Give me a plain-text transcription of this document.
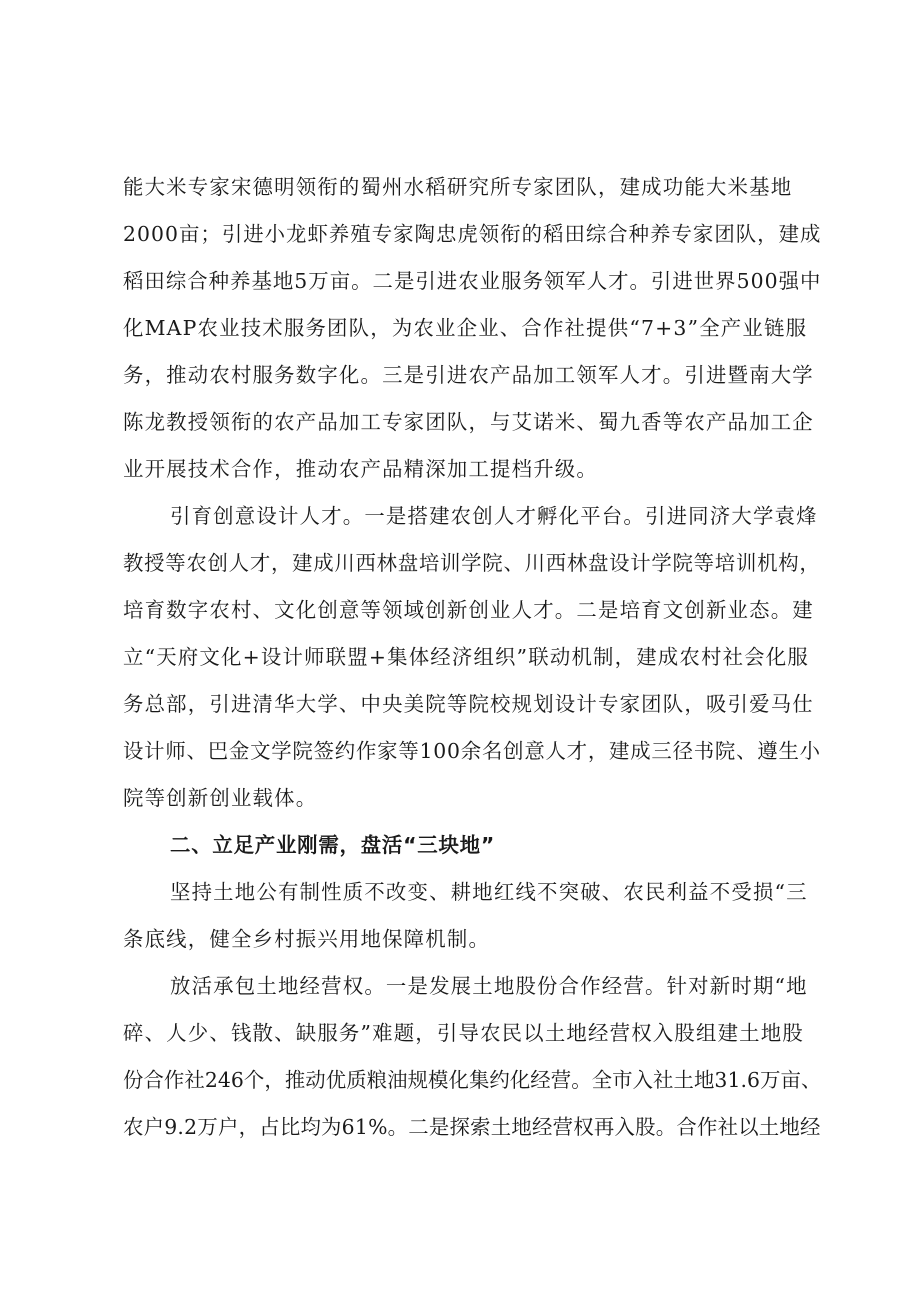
能大米专家宋德明领衔的蜀州水稻研究所专家团队，建成功能大米基地
2000亩；引进小龙虾养殖专家陶忠虎领衔的稻田综合种养专家团队，建成
稻田综合种养基地5万亩。二是引进农业服务领军人才。引进世界500强中
化MAP农业技术服务团队，为农业企业、合作社提供“7+3”全产业链服
务，推动农村服务数字化。三是引进农产品加工领军人才。引进暨南大学
陈龙教授领衔的农产品加工专家团队，与艾诺米、蜀九香等农产品加工企
业开展技术合作，推动农产品精深加工提档升级。
引育创意设计人才。一是搭建农创人才孵化平台。引进同济大学袁烽
教授等农创人才，建成川西林盘培训学院、川西林盘设计学院等培训机构，
培育数字农村、文化创意等领域创新创业人才。二是培育文创新业态。建
立“天府文化+设计师联盟+集体经济组织”联动机制，建成农村社会化服
务总部，引进清华大学、中央美院等院校规划设计专家团队，吸引爱马仕
设计师、巴金文学院签约作家等100余名创意人才，建成三径书院、遵生小
院等创新创业载体。
二、立足产业刚需，盘活“三块地”
坚持土地公有制性质不改变、耕地红线不突破、农民利益不受损“三
条底线，健全乡村振兴用地保障机制。
放活承包土地经营权。一是发展土地股份合作经营。针对新时期“地
碎、人少、钱散、缺服务”难题，引导农民以土地经营权入股组建土地股
份合作社246个，推动优质粮油规模化集约化经营。全市入社土地31.6万亩、
农户9.2万户，占比均为61%。二是探索土地经营权再入股。合作社以土地经
